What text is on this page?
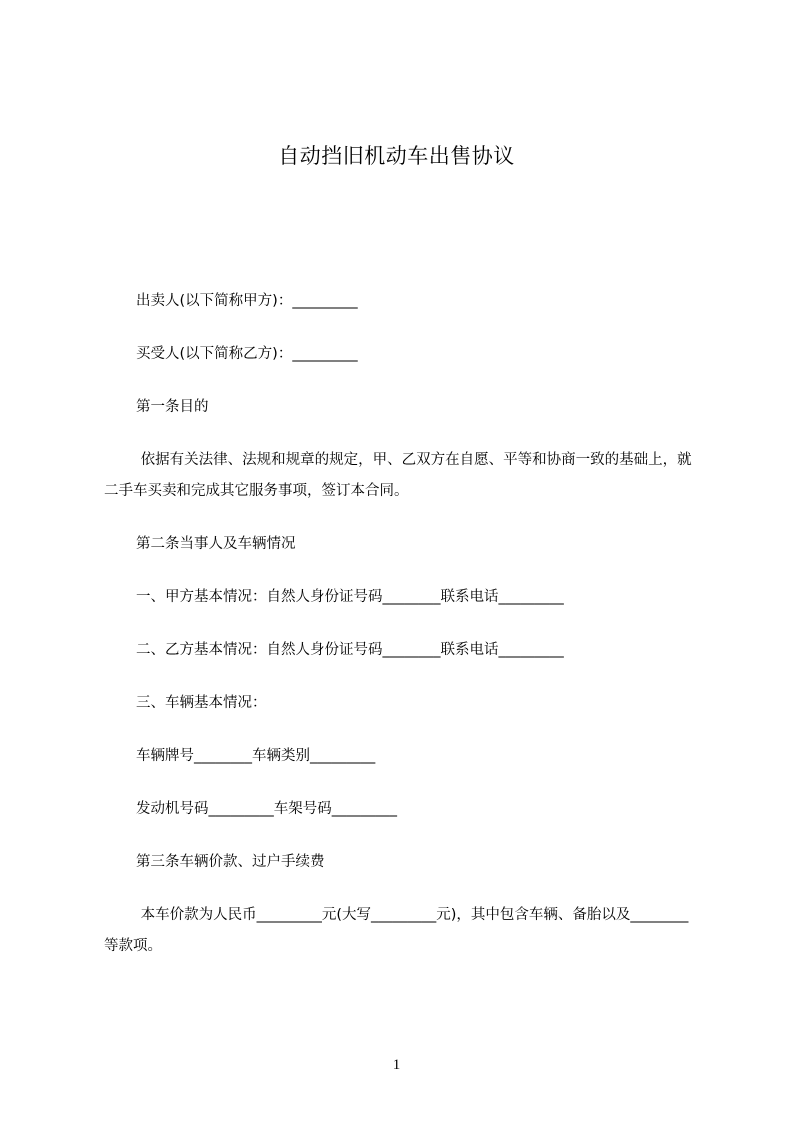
自动挡旧机动车出售协议

出卖人(以下简称甲方)：_________

买受人(以下简称乙方)：_________

第一条目的

依据有关法律、法规和规章的规定，甲、乙双方在自愿、平等和协商一致的基础上，就二手车买卖和完成其它服务事项，签订本合同。

第二条当事人及车辆情况

一、甲方基本情况：自然人身份证号码________联系电话_________

二、乙方基本情况：自然人身份证号码________联系电话_________

三、车辆基本情况：

车辆牌号________车辆类别_________

发动机号码_________车架号码_________

第三条车辆价款、过户手续费

本车价款为人民币_________元(大写_________元)，其中包含车辆、备胎以及________等款项。

1
